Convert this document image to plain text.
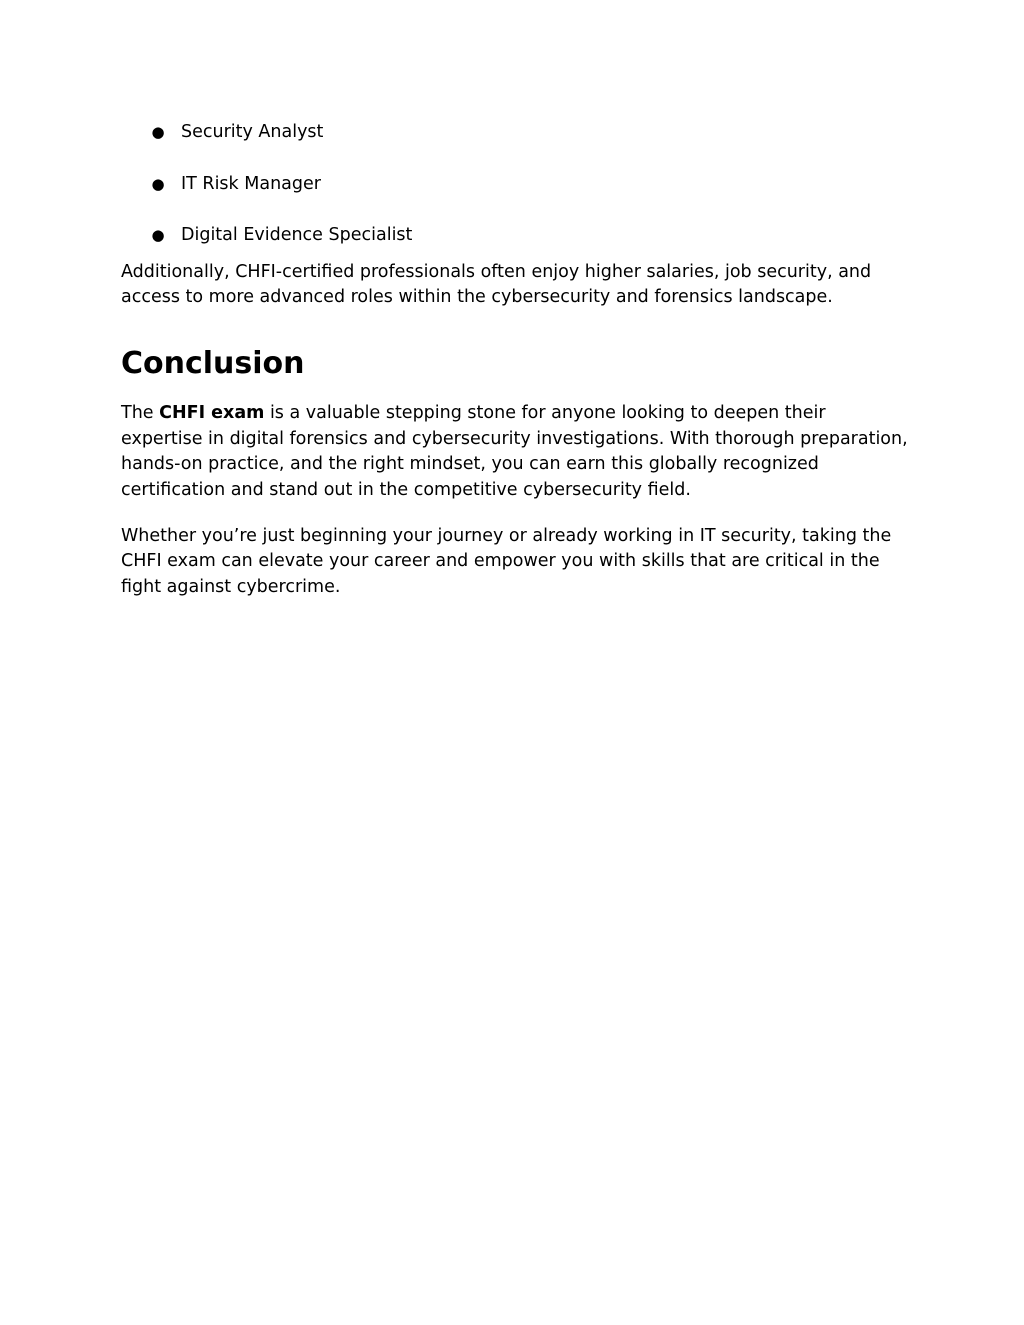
● Security Analyst
● IT Risk Manager
● Digital Evidence Specialist

Additionally, CHFI-certified professionals often enjoy higher salaries, job security, and access to more advanced roles within the cybersecurity and forensics landscape.

Conclusion

The CHFI exam is a valuable stepping stone for anyone looking to deepen their expertise in digital forensics and cybersecurity investigations. With thorough preparation, hands-on practice, and the right mindset, you can earn this globally recognized certification and stand out in the competitive cybersecurity field.

Whether you’re just beginning your journey or already working in IT security, taking the CHFI exam can elevate your career and empower you with skills that are critical in the fight against cybercrime.
